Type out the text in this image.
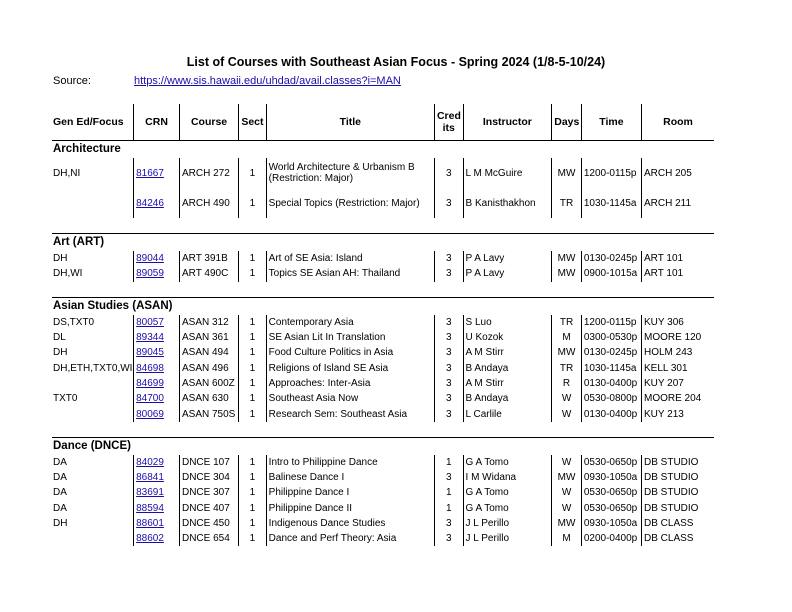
List of Courses with Southeast Asian Focus - Spring 2024 (1/8-5-10/24)
Source:	https://www.sis.hawaii.edu/uhdad/avail.classes?i=MAN
Gen Ed/Focus	CRN	Course	Sect	Title	Cred its	Instructor	Days	Time	Room
Architecture									
DH,NI	81667	ARCH 272	1	World Architecture & Urbanism B (Restriction: Major)	3	L M McGuire	MW	1200-0115p	ARCH 205
	84246	ARCH 490	1	Special Topics (Restriction: Major)	3	B Kanisthakhon	TR	1030-1145a	ARCH 211

Art (ART)									
DH	89044	ART 391B	1	Art of SE Asia: Island	3	P A Lavy	MW	0130-0245p	ART 101
DH,WI	89059	ART 490C	1	Topics SE Asian AH: Thailand	3	P A Lavy	MW	0900-1015a	ART 101

Asian Studies (ASAN)									
DS,TXT0	80057	ASAN 312	1	Contemporary Asia	3	S Luo	TR	1200-0115p	KUY 306
DL	89344	ASAN 361	1	SE Asian Lit In Translation	3	U Kozok	M	0300-0530p	MOORE 120
DH	89045	ASAN 494	1	Food Culture Politics in Asia	3	A M Stirr	MW	0130-0245p	HOLM 243
DH,ETH,TXT0,WI	84698	ASAN 496	1	Religions of Island SE Asia	3	B Andaya	TR	1030-1145a	KELL 301
	84699	ASAN 600Z	1	Approaches: Inter-Asia	3	A M Stirr	R	0130-0400p	KUY 207
TXT0	84700	ASAN 630	1	Southeast Asia Now	3	B Andaya	W	0530-0800p	MOORE 204
	80069	ASAN 750S	1	Research Sem: Southeast Asia	3	L Carlile	W	0130-0400p	KUY 213

Dance (DNCE)									
DA	84029	DNCE 107	1	Intro to Philippine Dance	1	G A Tomo	W	0530-0650p	DB STUDIO
DA	86841	DNCE 304	1	Balinese Dance I	3	I M Widana	MW	0930-1050a	DB STUDIO
DA	83691	DNCE 307	1	Philippine Dance I	1	G A Tomo	W	0530-0650p	DB STUDIO
DA	88594	DNCE 407	1	Philippine Dance II	1	G A Tomo	W	0530-0650p	DB STUDIO
DH	88601	DNCE 450	1	Indigenous Dance Studies	3	J L Perillo	MW	0930-1050a	DB CLASS
	88602	DNCE 654	1	Dance and Perf Theory: Asia	3	J L Perillo	M	0200-0400p	DB CLASS
